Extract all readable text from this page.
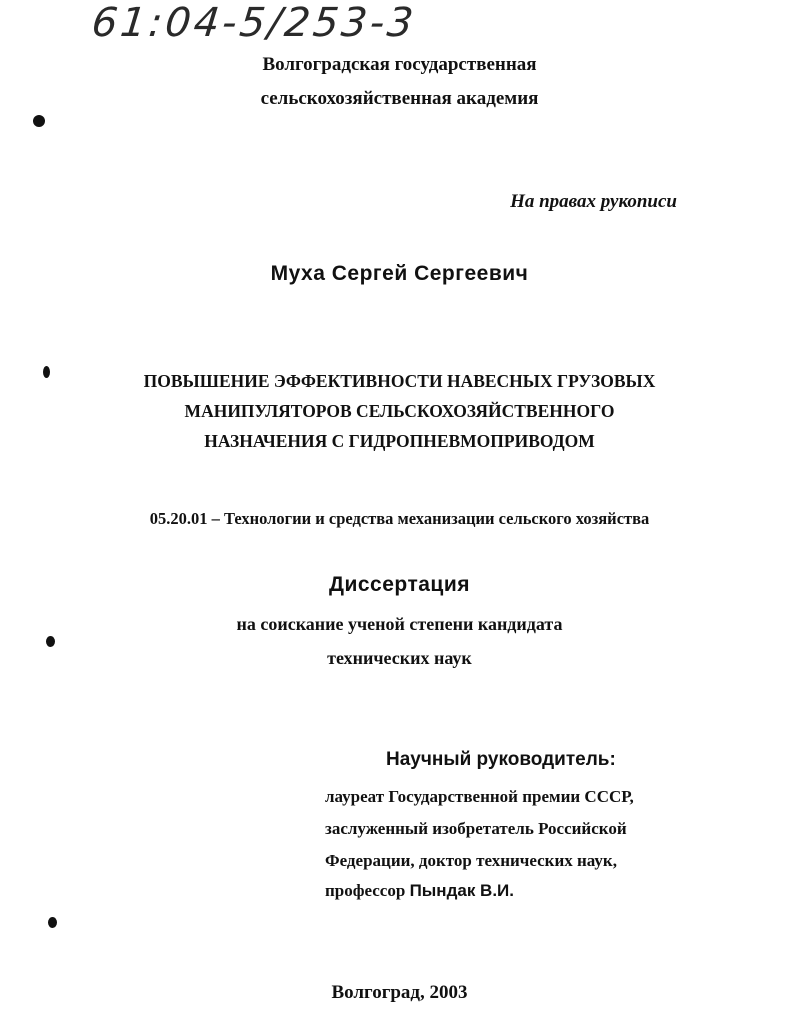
61:04-5/253-3
Волгоградская государственная
сельскохозяйственная академия
На правах рукописи
Муха Сергей Сергеевич
ПОВЫШЕНИЕ ЭФФЕКТИВНОСТИ НАВЕСНЫХ ГРУЗОВЫХ
МАНИПУЛЯТОРОВ СЕЛЬСКОХОЗЯЙСТВЕННОГО
НАЗНАЧЕНИЯ С ГИДРОПНЕВМОПРИВОДОМ
05.20.01 – Технологии и средства механизации сельского хозяйства
Диссертация
на соискание ученой степени кандидата
технических наук
Научный руководитель:
лауреат Государственной премии СССР,
заслуженный изобретатель Российской
Федерации, доктор технических наук,
профессор Пындак В.И.
Волгоград, 2003
